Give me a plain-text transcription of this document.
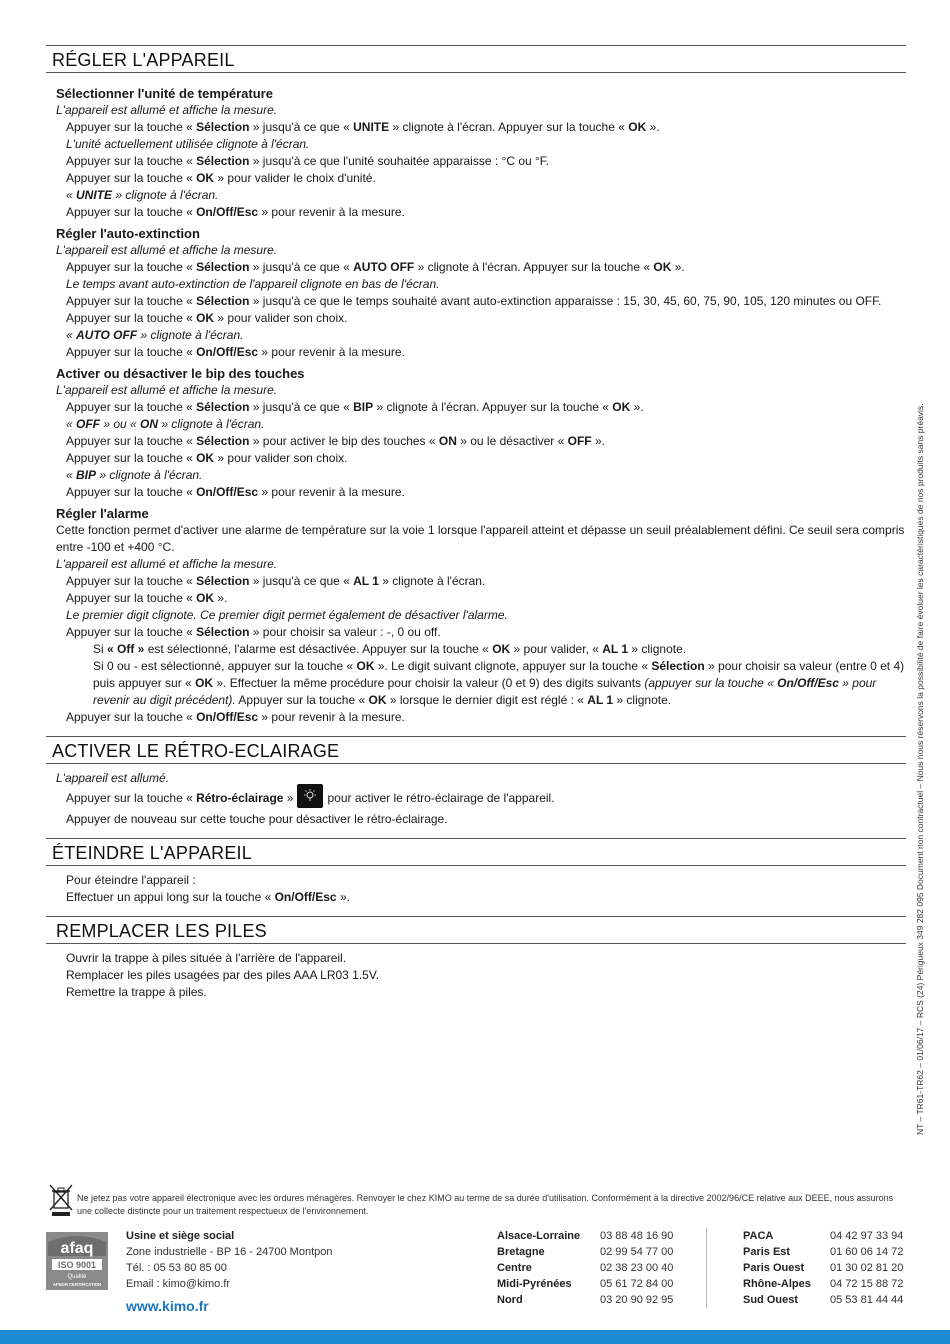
RÉGLER L'APPAREIL
Sélectionner l'unité de température
L'appareil est allumé et affiche la mesure.
Appuyer sur la touche « Sélection » jusqu'à ce que « UNITE » clignote à l'écran. Appuyer sur la touche « OK ».
L'unité actuellement utilisée clignote à l'écran.
Appuyer sur la touche « Sélection » jusqu'à ce que l'unité souhaitée apparaisse : °C ou °F.
Appuyer sur la touche « OK » pour valider le choix d'unité.
« UNITE » clignote à l'écran.
Appuyer sur la touche « On/Off/Esc » pour revenir à la mesure.
Régler l'auto-extinction
L'appareil est allumé et affiche la mesure.
Appuyer sur la touche « Sélection » jusqu'à ce que « AUTO OFF » clignote à l'écran. Appuyer sur la touche « OK ».
Le temps avant auto-extinction de l'appareil clignote en bas de l'écran.
Appuyer sur la touche « Sélection » jusqu'à ce que le temps souhaité avant auto-extinction apparaisse : 15, 30, 45, 60, 75, 90, 105, 120 minutes ou OFF.
Appuyer sur la touche « OK » pour valider son choix.
« AUTO OFF » clignote à l'écran.
Appuyer sur la touche « On/Off/Esc » pour revenir à la mesure.
Activer ou désactiver le bip des touches
L'appareil est allumé et affiche la mesure.
Appuyer sur la touche « Sélection » jusqu'à ce que « BIP » clignote à l'écran. Appuyer sur la touche « OK ».
« OFF » ou « ON » clignote à l'écran.
Appuyer sur la touche « Sélection » pour activer le bip des touches « ON » ou le désactiver « OFF ».
Appuyer sur la touche « OK » pour valider son choix.
« BIP » clignote à l'écran.
Appuyer sur la touche « On/Off/Esc » pour revenir à la mesure.
Régler l'alarme
Cette fonction permet d'activer une alarme de température sur la voie 1 lorsque l'appareil atteint et dépasse un seuil préalablement défini. Ce seuil sera compris entre -100 et +400 °C.
L'appareil est allumé et affiche la mesure.
Appuyer sur la touche « Sélection » jusqu'à ce que « AL 1 » clignote à l'écran.
Appuyer sur la touche « OK ».
Le premier digit clignote. Ce premier digit permet également de désactiver l'alarme.
Appuyer sur la touche « Sélection » pour choisir sa valeur : -, 0 ou off.
Si « Off » est sélectionné, l'alarme est désactivée. Appuyer sur la touche « OK » pour valider, « AL 1 » clignote.
Si 0 ou - est sélectionné, appuyer sur la touche « OK ». Le digit suivant clignote, appuyer sur la touche « Sélection » pour choisir sa valeur (entre 0 et 4) puis appuyer sur « OK ». Effectuer la même procédure pour choisir la valeur (0 et 9) des digits suivants (appuyer sur la touche « On/Off/Esc » pour revenir au digit précédent). Appuyer sur la touche « OK » lorsque le dernier digit est réglé : « AL 1 » clignote.
Appuyer sur la touche « On/Off/Esc » pour revenir à la mesure.
ACTIVER LE RÉTRO-ECLAIRAGE
L'appareil est allumé.
Appuyer sur la touche « Rétro-éclairage »	pour activer le rétro-éclairage de l'appareil.
Appuyer de nouveau sur cette touche pour désactiver le rétro-éclairage.
ÉTEINDRE L'APPAREIL
Pour éteindre l'appareil :
Effectuer un appui long sur la touche « On/Off/Esc ».
REMPLACER LES PILES
Ouvrir la trappe à piles située à l'arrière de l'appareil.
Remplacer les piles usagées par des piles AAA LR03 1.5V.
Remettre la trappe à piles.	NT – TR61-TR62 – 01/06/17 – RCS (24) Périgueux 349 282 095 Document non contractuel – Nous nous réservons la possibilité de faire évoluer les caractéristiques de nos produits sans préavis.
Ne jetez pas votre appareil électronique avec les ordures ménagères. Renvoyer le chez KIMO au terme de sa durée d'utilisation. Conformément à la directive 2002/96/CE relative aux DEEE, nous assurons une collecte distincte pour un traitement respectueux de l'environnement.
afaq
ISO 9001
Qualité
AFNOR CERTIFICATION
Usine et siège social
Zone industrielle - BP 16 - 24700 Montpon
Tél. : 05 53 80 85 00
Email : kimo@kimo.fr
www.kimo.fr
Alsace-Lorraine 03 88 48 16 90
Bretagne	02 99 54 77 00
Centre	02 38 23 00 40
Midi-Pyrénées	05 61 72 84 00
Nord	03 20 90 92 95
PACA	04 42 97 33 94
Paris Est	01 60 06 14 72
Paris Ouest 01 30 02 81 20
Rhône-Alpes 04 72 15 88 72
Sud Ouest	05 53 81 44 44
